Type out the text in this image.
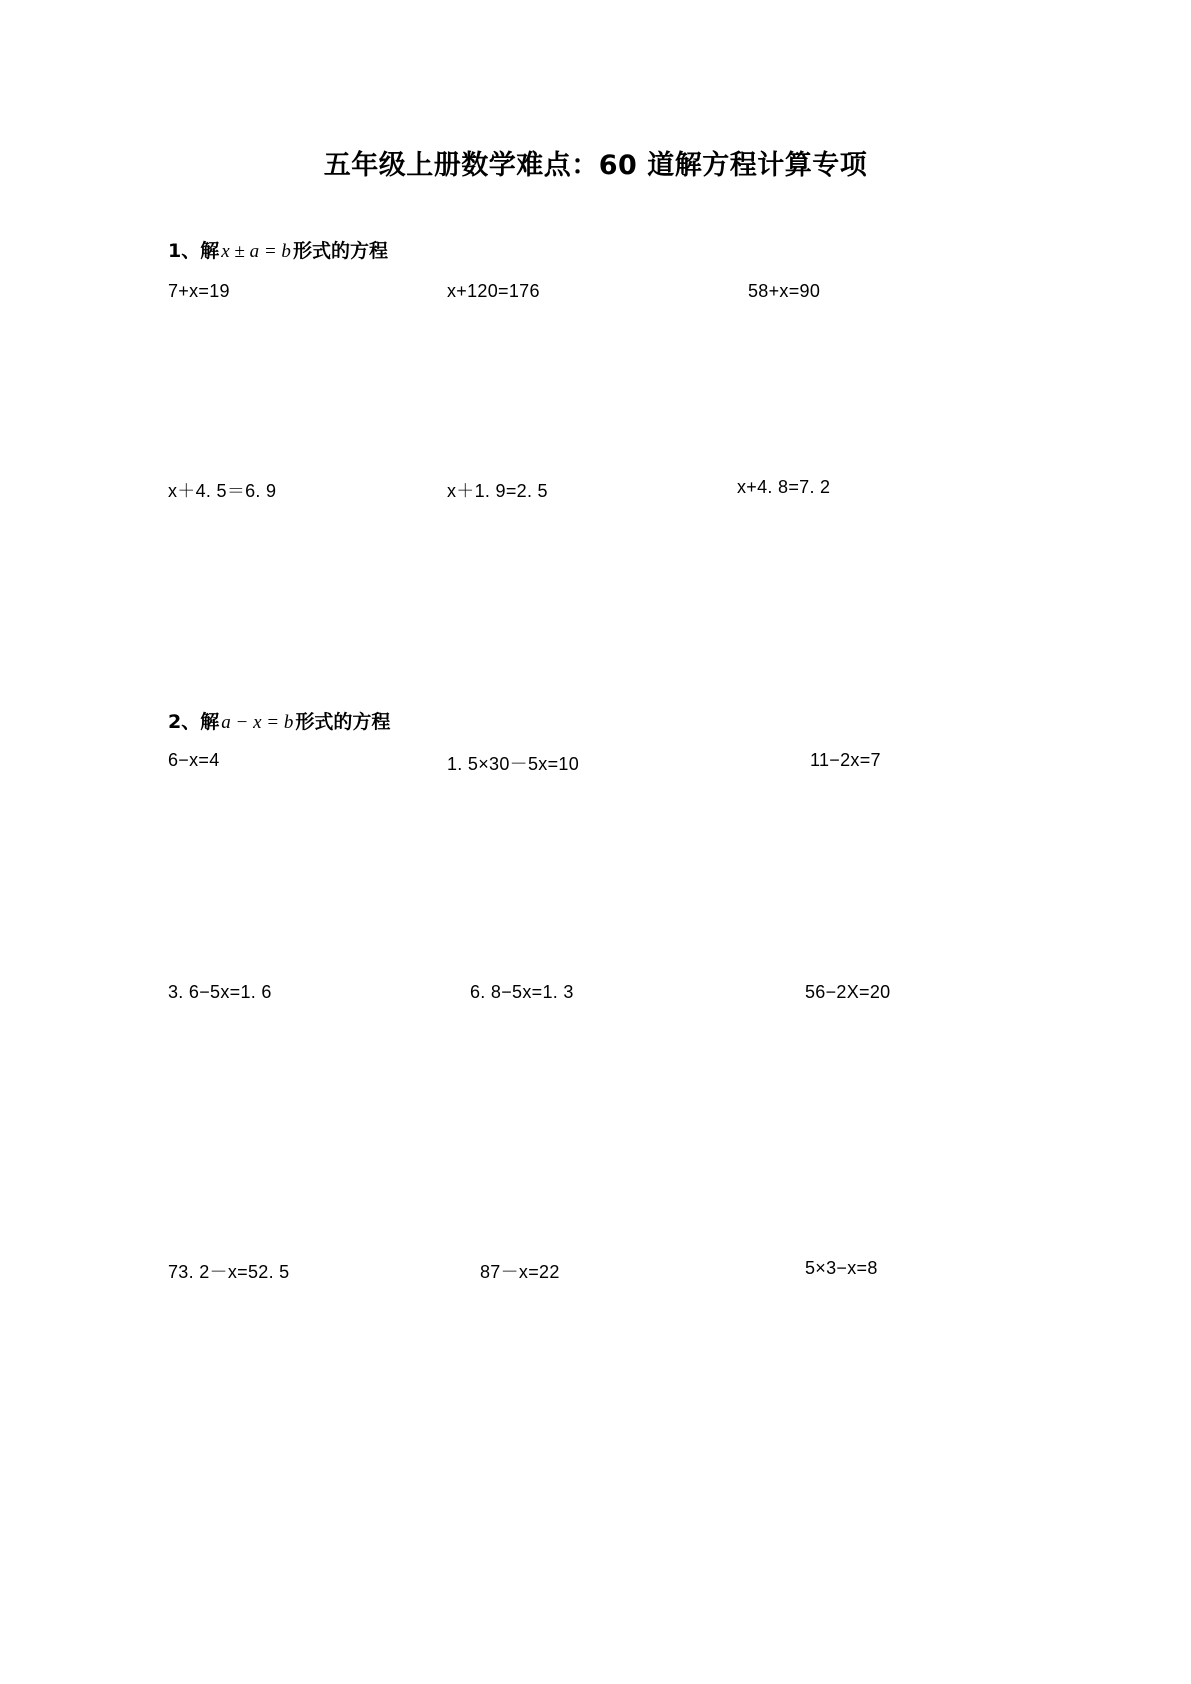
五年级上册数学难点：60 道解方程计算专项
1、解 x ± a = b 形式的方程
7+x=19	x+120=176	58+x=90
x＋4. 5＝6. 9	x＋1. 9=2. 5	x+4. 8=7. 2
2、解 a − x = b 形式的方程
6−x=4	1. 5×30－5x=10	11−2x=7
3. 6−5x=1. 6	6. 8−5x=1. 3	56−2X=20
73. 2－x=52. 5	87－x=22	5×3−x=8
